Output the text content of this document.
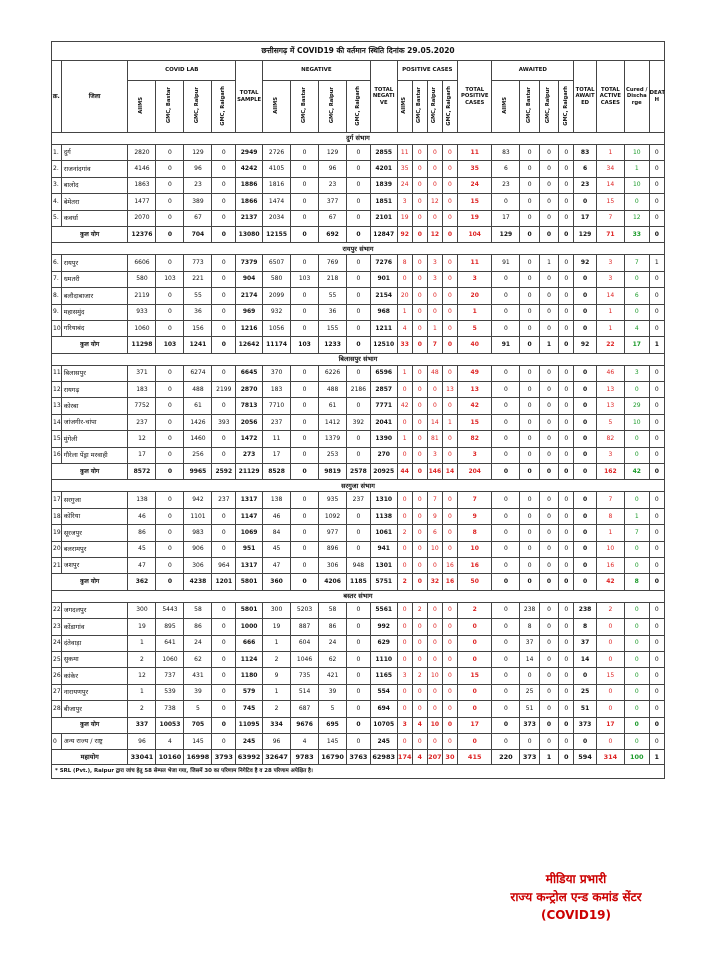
छत्तीसगढ़ में COVID19 की वर्तमान स्थिति दिनांक 29.05.2020																								
क्र.	जिला	COVID LAB				TOTAL SAMPLE	NEGATIVE				TOTAL NEGATI VE	POSITIVE CASES				TOTAL POSITIVE CASES	AWAITED				TOTAL AWAIT ED	TOTAL ACTIVE CASES	Cured / Discha rge	DEAT H
		AIIMS	GMC, Bastar	GMC, Raipur	GMC, Raigarh		AIIMS	GMC, Bastar	GMC, Raipur	GMC, Raigarh		AIIMS	GMC, Bastar	GMC, Raipur	GMC, Raigarh		AIIMS	GMC, Bastar	GMC, Raipur	GMC, Raigarh				
दुर्ग संभाग																								
1.	दुर्ग	2820	0	129	0	2949	2726	0	129	0	2855	11	0	0	0	11	83	0	0	0	83	1	10	0
2.	राजनांदगांव	4146	0	96	0	4242	4105	0	96	0	4201	35	0	0	0	35	6	0	0	0	6	34	1	0
3.	बालोद	1863	0	23	0	1886	1816	0	23	0	1839	24	0	0	0	24	23	0	0	0	23	14	10	0
4.	बेमेतरा	1477	0	389	0	1866	1474	0	377	0	1851	3	0	12	0	15	0	0	0	0	0	15	0	0
5.	कवर्धा	2070	0	67	0	2137	2034	0	67	0	2101	19	0	0	0	19	17	0	0	0	17	7	12	0
कुल योग		12376	0	704	0	13080	12155	0	692	0	12847	92	0	12	0	104	129	0	0	0	129	71	33	0
रायपुर संभाग																								
6.	रायपुर	6606	0	773	0	7379	6507	0	769	0	7276	8	0	3	0	11	91	0	1	0	92	3	7	1
7.	धमतरी	580	103	221	0	904	580	103	218	0	901	0	0	3	0	3	0	0	0	0	0	3	0	0
8.	बलौदाबाजार	2119	0	55	0	2174	2099	0	55	0	2154	20	0	0	0	20	0	0	0	0	0	14	6	0
9.	महासमुंद	933	0	36	0	969	932	0	36	0	968	1	0	0	0	1	0	0	0	0	0	1	0	0
10.	गरियाबंद	1060	0	156	0	1216	1056	0	155	0	1211	4	0	1	0	5	0	0	0	0	0	1	4	0
कुल योग		11298	103	1241	0	12642	11174	103	1233	0	12510	33	0	7	0	40	91	0	1	0	92	22	17	1
बिलासपुर संभाग																								
11.	बिलासपुर	371	0	6274	0	6645	370	0	6226	0	6596	1	0	48	0	49	0	0	0	0	0	46	3	0
12.	रायगढ़	183	0	488	2199	2870	183	0	488	2186	2857	0	0	0	13	13	0	0	0	0	0	13	0	0
13.	कोरबा	7752	0	61	0	7813	7710	0	61	0	7771	42	0	0	0	42	0	0	0	0	0	13	29	0
14.	जांजगीर-चांपा	237	0	1426	393	2056	237	0	1412	392	2041	0	0	14	1	15	0	0	0	0	0	5	10	0
15.	मुंगेली	12	0	1460	0	1472	11	0	1379	0	1390	1	0	81	0	82	0	0	0	0	0	82	0	0
16.	गौरेला पेंड्रा मरवाही	17	0	256	0	273	17	0	253	0	270	0	0	3	0	3	0	0	0	0	0	3	0	0
कुल योग		8572	0	9965	2592	21129	8528	0	9819	2578	20925	44	0	146	14	204	0	0	0	0	0	162	42	0
सरगुजा संभाग																								
17.	सरगुजा	138	0	942	237	1317	138	0	935	237	1310	0	0	7	0	7	0	0	0	0	0	7	0	0
18.	कोरिया	46	0	1101	0	1147	46	0	1092	0	1138	0	0	9	0	9	0	0	0	0	0	8	1	0
19.	सूरजपुर	86	0	983	0	1069	84	0	977	0	1061	2	0	6	0	8	0	0	0	0	0	1	7	0
20.	बलरामपुर	45	0	906	0	951	45	0	896	0	941	0	0	10	0	10	0	0	0	0	0	10	0	0
21.	जशपुर	47	0	306	964	1317	47	0	306	948	1301	0	0	0	16	16	0	0	0	0	0	16	0	0
कुल योग		362	0	4238	1201	5801	360	0	4206	1185	5751	2	0	32	16	50	0	0	0	0	0	42	8	0
बस्तर संभाग																								
22.	जगदलपुर	300	5443	58	0	5801	300	5203	58	0	5561	0	2	0	0	2	0	238	0	0	238	2	0	0
23.	कोंडागांव	19	895	86	0	1000	19	887	86	0	992	0	0	0	0	0	0	8	0	0	8	0	0	0
24.	दंतेवाड़ा	1	641	24	0	666	1	604	24	0	629	0	0	0	0	0	0	37	0	0	37	0	0	0
25.	सुकमा	2	1060	62	0	1124	2	1046	62	0	1110	0	0	0	0	0	0	14	0	0	14	0	0	0
26.	कांकेर	12	737	431	0	1180	9	735	421	0	1165	3	2	10	0	15	0	0	0	0	0	15	0	0
27.	नारायणपुर	1	539	39	0	579	1	514	39	0	554	0	0	0	0	0	0	25	0	0	25	0	0	0
28.	बीजापुर	2	738	5	0	745	2	687	5	0	694	0	0	0	0	0	0	51	0	0	51	0	0	0
कुल योग		337	10053	705	0	11095	334	9676	695	0	10705	3	4	10	0	17	0	373	0	0	373	17	0	0
0	अन्य राज्य / राष्ट्र	96	4	145	0	245	96	4	145	0	245	0	0	0	0	0	0	0	0	0	0	0	0	0
महायोग		33041	10160	16998	3793	63992	32647	9783	16790	3763	62983	174	4	207	30	415	220	373	1	0	594	314	100	1
* SRL (Pvt.), Raipur द्वारा जांच हेतु 58 सेम्पल भेजा गया, जिसमें 30 का परिणाम निगेटिव है व 28 परिणाम अपेक्षित है।																								
मीडिया प्रभारी
राज्य कन्ट्रोल एन्ड कमांड सेंटर
(COVID19)
